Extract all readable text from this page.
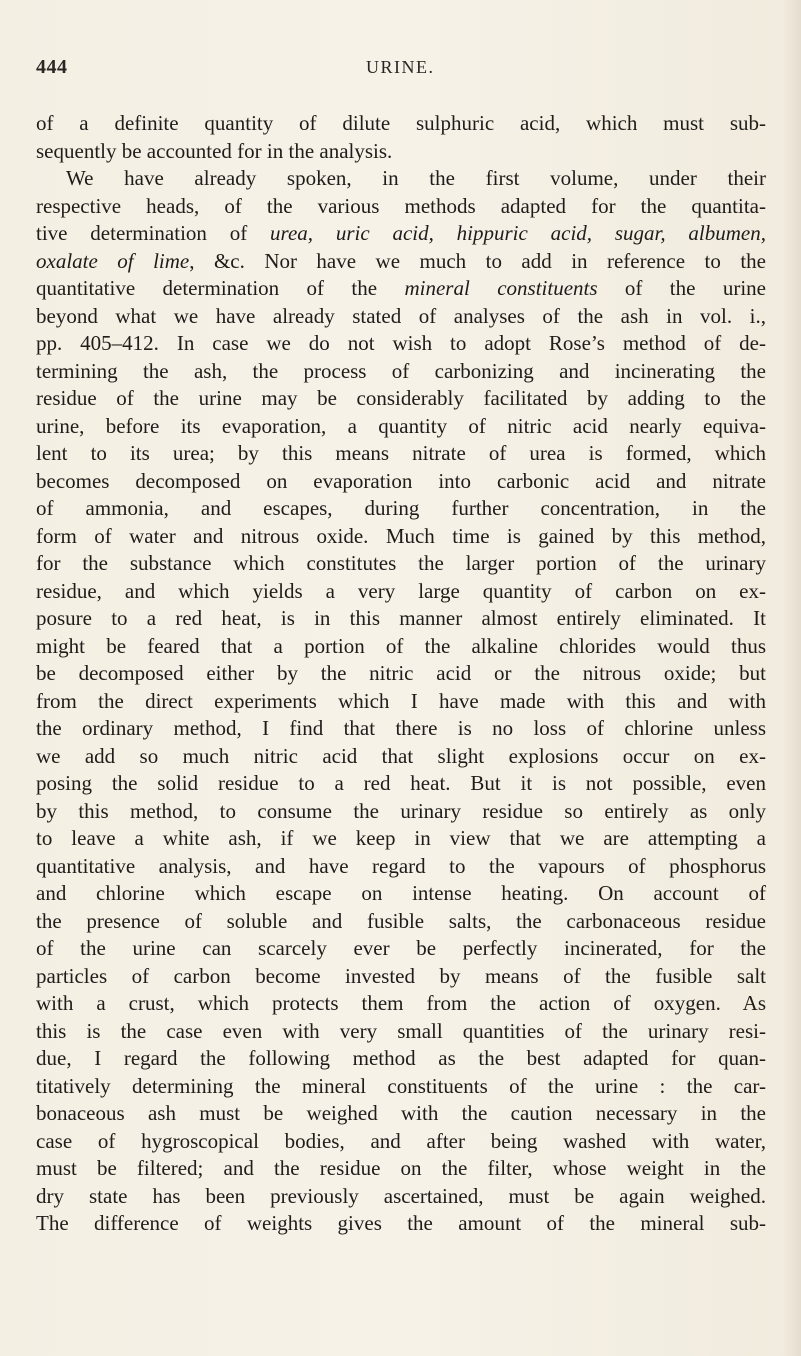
444	URINE.
of a definite quantity of dilute sulphuric acid, which must sub-
sequently be accounted for in the analysis.
We have already spoken, in the first volume, under their
respective heads, of the various methods adapted for the quantita-
tive determination of urea, uric acid, hippuric acid, sugar, albumen,
oxalate of lime, &c. Nor have we much to add in reference to the
quantitative determination of the mineral constituents of the urine
beyond what we have already stated of analyses of the ash in vol. i.,
pp. 405–412. In case we do not wish to adopt Rose’s method of de-
termining the ash, the process of carbonizing and incinerating the
residue of the urine may be considerably facilitated by adding to the
urine, before its evaporation, a quantity of nitric acid nearly equiva-
lent to its urea; by this means nitrate of urea is formed, which
becomes decomposed on evaporation into carbonic acid and nitrate
of ammonia, and escapes, during further concentration, in the
form of water and nitrous oxide. Much time is gained by this method,
for the substance which constitutes the larger portion of the urinary
residue, and which yields a very large quantity of carbon on ex-
posure to a red heat, is in this manner almost entirely eliminated. It
might be feared that a portion of the alkaline chlorides would thus
be decomposed either by the nitric acid or the nitrous oxide; but
from the direct experiments which I have made with this and with
the ordinary method, I find that there is no loss of chlorine unless
we add so much nitric acid that slight explosions occur on ex-
posing the solid residue to a red heat. But it is not possible, even
by this method, to consume the urinary residue so entirely as only
to leave a white ash, if we keep in view that we are attempting a
quantitative analysis, and have regard to the vapours of phosphorus
and chlorine which escape on intense heating. On account of
the presence of soluble and fusible salts, the carbonaceous residue
of the urine can scarcely ever be perfectly incinerated, for the
particles of carbon become invested by means of the fusible salt
with a crust, which protects them from the action of oxygen. As
this is the case even with very small quantities of the urinary resi-
due, I regard the following method as the best adapted for quan-
titatively determining the mineral constituents of the urine : the car-
bonaceous ash must be weighed with the caution necessary in the
case of hygroscopical bodies, and after being washed with water,
must be filtered; and the residue on the filter, whose weight in the
dry state has been previously ascertained, must be again weighed.
The difference of weights gives the amount of the mineral sub-
